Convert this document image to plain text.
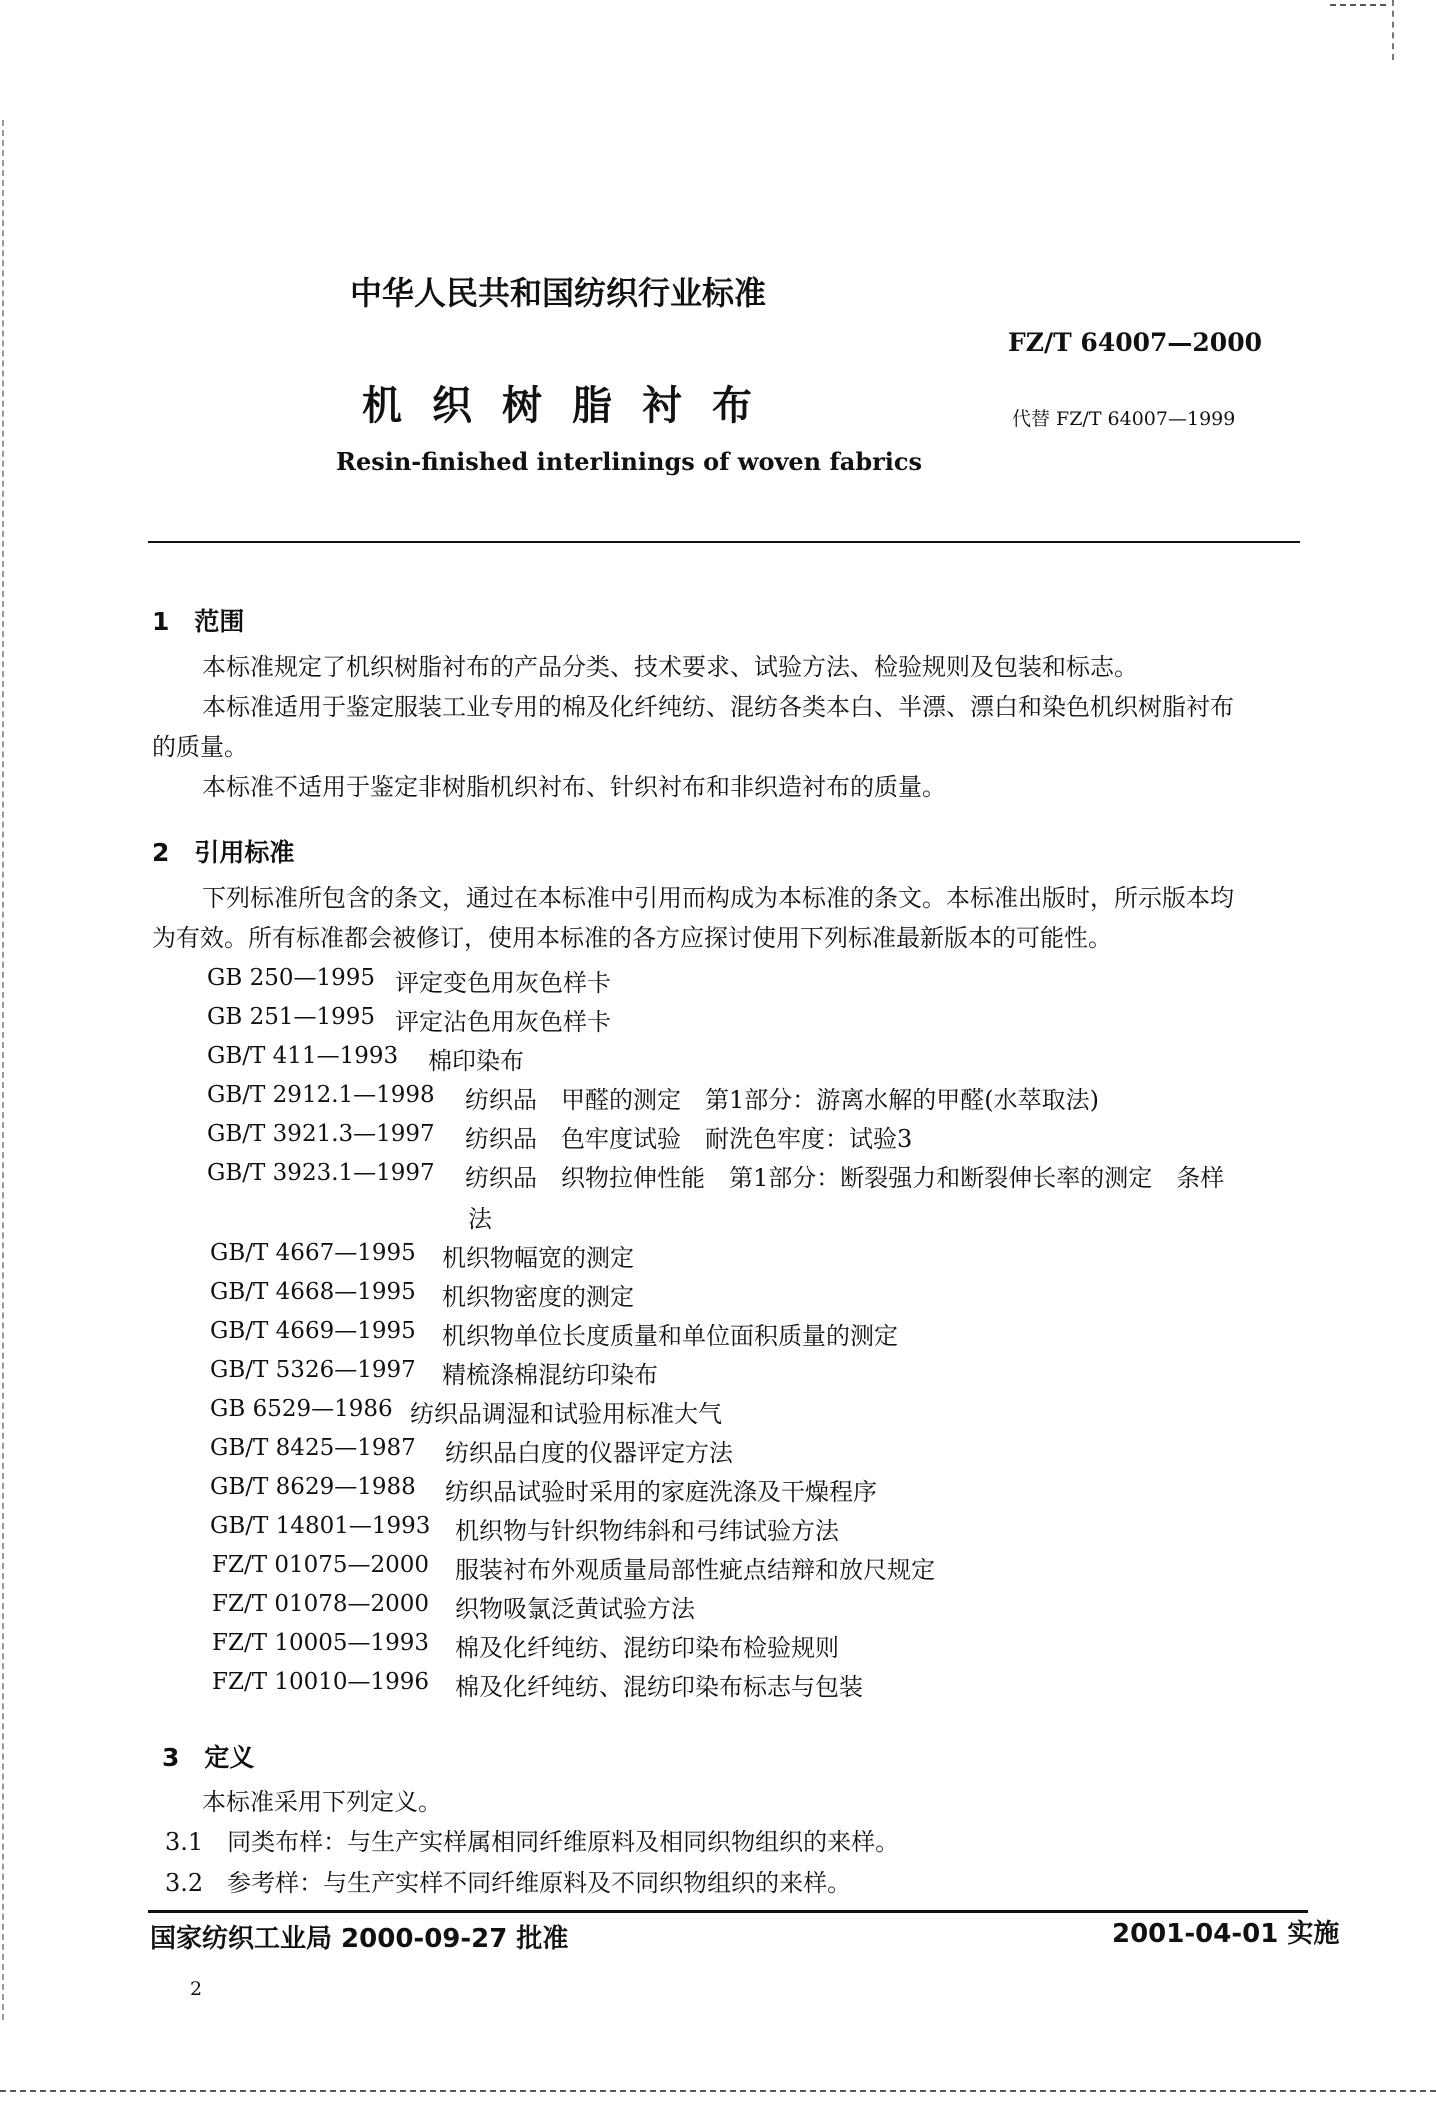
中华人民共和国纺织行业标准
FZ/T 64007—2000
机织树脂衬布	代替 FZ/T 64007—1999
Resin-finished interlinings of woven fabrics
1　范围
本标准规定了机织树脂衬布的产品分类、技术要求、试验方法、检验规则及包装和标志。
本标准适用于鉴定服装工业专用的棉及化纤纯纺、混纺各类本白、半漂、漂白和染色机织树脂衬布
的质量。
本标准不适用于鉴定非树脂机织衬布、针织衬布和非织造衬布的质量。
2　引用标准
下列标准所包含的条文，通过在本标准中引用而构成为本标准的条文。本标准出版时，所示版本均
为有效。所有标准都会被修订，使用本标准的各方应探讨使用下列标准最新版本的可能性。
GB 250—1995 评定变色用灰色样卡
GB 251—1995 评定沾色用灰色样卡
GB/T 411—1993 棉印染布
GB/T 2912.1—1998 纺织品　甲醛的测定　第1部分：游离水解的甲醛(水萃取法)
GB/T 3921.3—1997 纺织品　色牢度试验　耐洗色牢度：试验3
GB/T 3923.1—1997 纺织品　织物拉伸性能　第1部分：断裂强力和断裂伸长率的测定　条样
法
GB/T 4667—1995 机织物幅宽的测定
GB/T 4668—1995 机织物密度的测定
GB/T 4669—1995 机织物单位长度质量和单位面积质量的测定
GB/T 5326—1997 精梳涤棉混纺印染布
GB 6529—1986 纺织品调湿和试验用标准大气
GB/T 8425—1987 纺织品白度的仪器评定方法
GB/T 8629—1988 纺织品试验时采用的家庭洗涤及干燥程序
GB/T 14801—1993 机织物与针织物纬斜和弓纬试验方法
FZ/T 01075—2000 服装衬布外观质量局部性疵点结辩和放尺规定
FZ/T 01078—2000 织物吸氯泛黄试验方法
FZ/T 10005—1993 棉及化纤纯纺、混纺印染布检验规则
FZ/T 10010—1996 棉及化纤纯纺、混纺印染布标志与包装
3　定义
本标准采用下列定义。
3.1　同类布样：与生产实样属相同纤维原料及相同织物组织的来样。
3.2　参考样：与生产实样不同纤维原料及不同织物组织的来样。
国家纺织工业局 2000-09-27 批准	2001-04-01 实施
2
